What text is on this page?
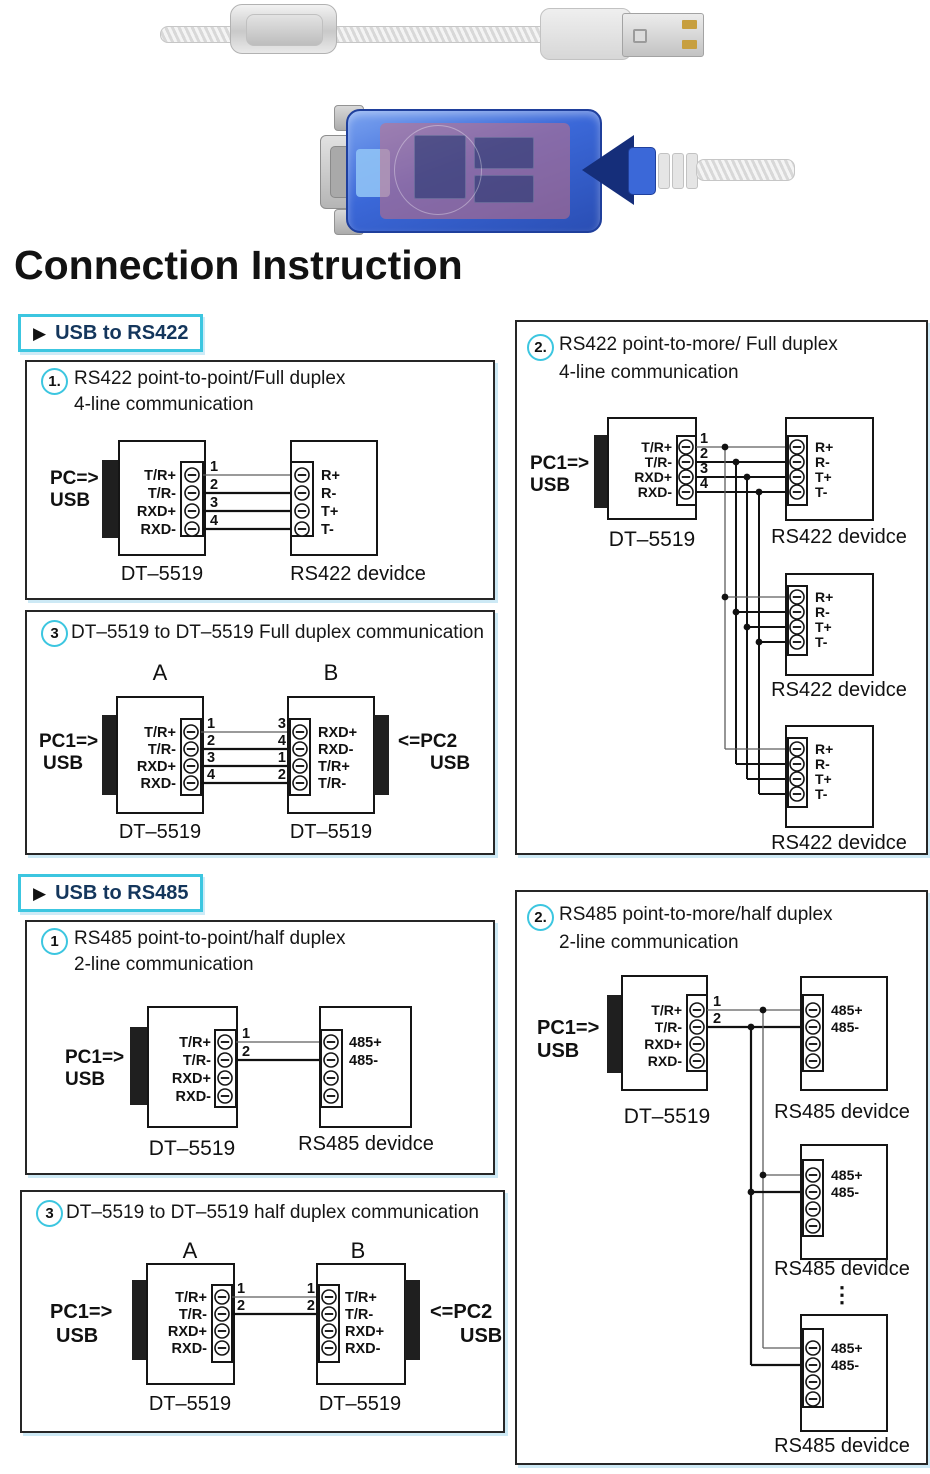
Connection Instruction
▶ USB to RS422
1. RS422 point-to-point/Full duplex
4-line communication
PC=>
USB
T/R+
T/R-
RXD+
RXD-
1
2
3
4
R+
R-
T+
T-
DT–5519	RS422 devidce
2. RS422 point-to-more/ Full duplex
4-line communication
PC1=>
USB
T/R+
T/R-
RXD+
RXD-
1
2
3
4
R+
R-
T+
T-
DT–5519	RS422 devidce
R+
R-
T+
T-
RS422 devidce
R+
R-
T+
T-
RS422 devidce
3 DT–5519 to DT–5519 Full duplex communication
A	B
PC1=>
USB
T/R+
T/R-
RXD+
RXD-
1
2
3
4
3
4
1
2
RXD+
RXD-
T/R+
T/R-
<=PC2
USB
DT–5519	DT–5519
▶ USB to RS485
1 RS485 point-to-point/half duplex
2-line communication
PC1=>
USB
T/R+
T/R-
RXD+
RXD-
1
2
485+
485-
DT–5519	RS485 devidce
2. RS485 point-to-more/half duplex
2-line communication
PC1=>
USB
T/R+
T/R-
RXD+
RXD-
1
2
485+
485-
DT–5519	RS485 devidce
485+
485-
RS485 devidce
⋮
485+
485-
RS485 devidce
3 DT–5519 to DT–5519 half duplex communication
A	B
PC1=>
USB
T/R+
T/R-
RXD+
RXD-
1
2
1
2 T/R+
T/R-
RXD+
RXD-
<=PC2
USB
DT–5519	DT–5519
